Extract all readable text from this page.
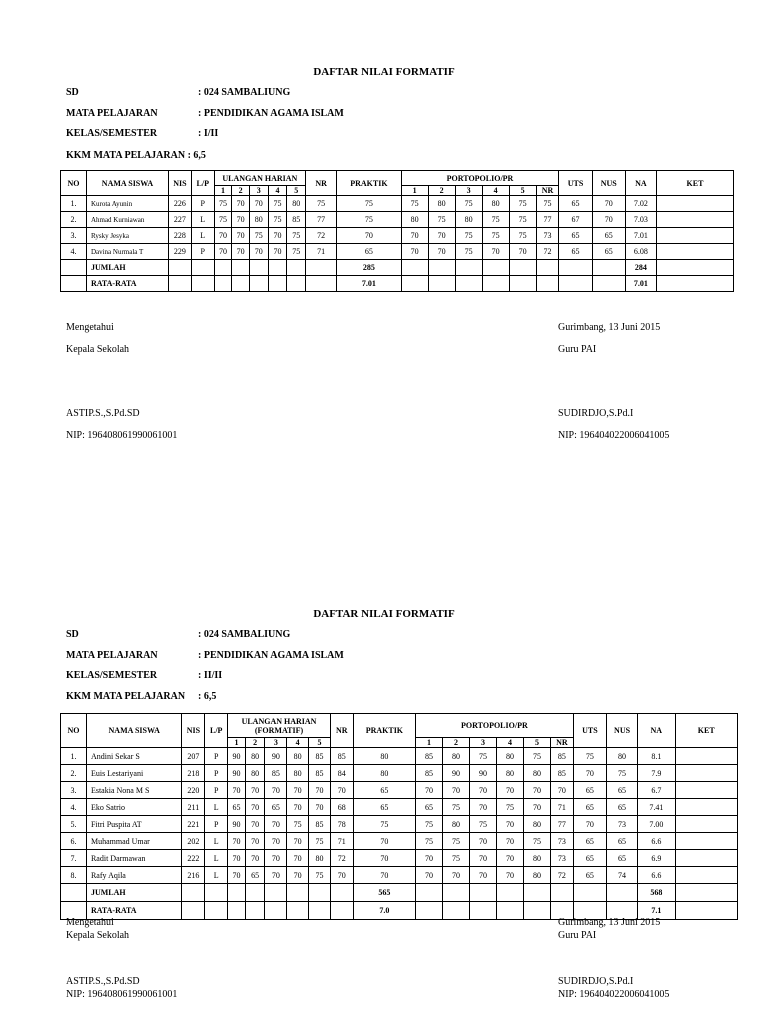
DAFTAR NILAI FORMATIF
SD	: 024 SAMBALIUNG
MATA PELAJARAN	: PENDIDIKAN AGAMA ISLAM
KELAS/SEMESTER	: I/II
KKM MATA PELAJARAN : 6,5
NO	NAMA SISWA	NIS	L/P	ULANGAN HARIAN					NR	PRAKTIK	PORTOPOLIO/PR						UTS	NUS	NA	KET
				1	2	3	4	5			1	2	3	4	5	NR				
1.	Kurota Ayunin	226	P	75	70	70	75	80	75	75	75	80	75	80	75	75	65	70	7.02	
2.	Ahmad Kurniawan	227	L	75	70	80	75	85	77	75	80	75	80	75	75	77	67	70	7.03	
3.	Rysky Jesyka	228	L	70	70	75	70	75	72	70	70	70	75	75	75	73	65	65	7.01	
4.	Davina Nurmala T	229	P	70	70	70	70	75	71	65	70	70	75	70	70	72	65	65	6.08	
	JUMLAH									285									284	
	RATA-RATA									7.01									7.01	
Mengetahui
Kepala Sekolah
ASTIP.S.,S.Pd.SD
NIP: 196408061990061001
Gurimbang, 13 Juni 2015
Guru PAI
SUDIRDJO,S.Pd.I
NIP: 196404022006041005
DAFTAR NILAI FORMATIF
SD	: 024 SAMBALIUNG
MATA PELAJARAN	: PENDIDIKAN AGAMA ISLAM
KELAS/SEMESTER	: II/II
KKM MATA PELAJARAN : 6,5
NO	NAMA SISWA	NIS	L/P	ULANGAN HARIAN (FORMATIF)					NR	PRAKTIK	PORTOPOLIO/PR						UTS	NUS	NA	KET
				1	2	3	4	5			1	2	3	4	5	NR				
1.	Andini Sekar S	207	P	90	80	90	80	85	85	80	85	80	75	80	75	85	75	80	8.1	
2.	Euis Lestariyani	218	P	90	80	85	80	85	84	80	85	90	90	80	80	85	70	75	7.9	
3.	Estakia Nona M S	220	P	70	70	70	70	70	70	65	70	70	70	70	70	70	65	65	6.7	
4.	Eko Satrio	211	L	65	70	65	70	70	68	65	65	75	70	75	70	71	65	65	7.41	
5.	Fitri Puspita AT	221	P	90	70	70	75	85	78	75	75	80	75	70	80	77	70	73	7.00	
6.	Muhammad Umar	202	L	70	70	70	70	75	71	70	75	75	70	70	75	73	65	65	6.6	
7.	Radit Darmawan	222	L	70	70	70	70	80	72	70	70	75	70	70	80	73	65	65	6.9	
8.	Rafy Aqila	216	L	70	65	70	70	75	70	70	70	70	70	70	80	72	65	74	6.6	
	JUMLAH									565									568	
	RATA-RATA									7.0									7.1	
Mengetahui
Kepala Sekolah
ASTIP.S.,S.Pd.SD
NIP: 196408061990061001
Gurimbang, 13 Juni 2015
Guru PAI
SUDIRDJO,S.Pd.I
NIP: 196404022006041005
